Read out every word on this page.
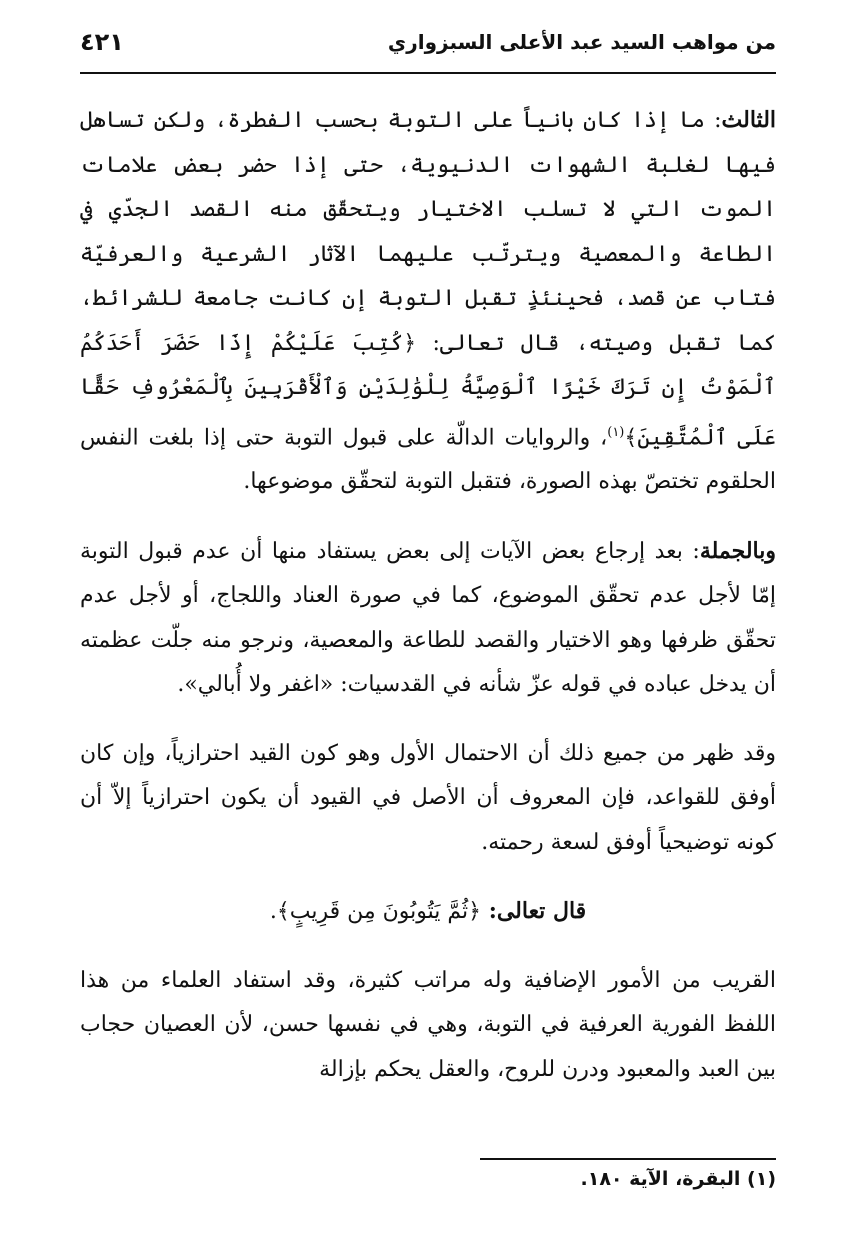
من مواهب السيد عبد الأعلى السبزواري
٤٢١

الثالث: ما إذا كان بانياً على التوبة بحسب الفطرة، ولكن تساهل فيها لغلبة الشهوات الدنيوية، حتى إذا حضر بعض علامات الموت التي لا تسلب الاختيار ويتحقّق منه القصد الجدّي في الطاعة والمعصية ويترتّب عليهما الآثار الشرعية والعرفيّة فتاب عن قصد، فحينئذٍ تقبل التوبة إن كانت جامعة للشرائط، كما تقبل وصيته، قال تعالى: ﴿كُتِبَ عَلَيْكُمْ إِذَا حَضَرَ أَحَدَكُمُ ٱلْمَوْتُ إِن تَرَكَ خَيْرًا ٱلْوَصِيَّةُ لِلْوَٰلِدَيْنِ وَٱلْأَقْرَبِينَ بِٱلْمَعْرُوفِ حَقًّا عَلَى ٱلْمُتَّقِينَ﴾$^{(١)}$، والروايات الدالّة على قبول التوبة حتى إذا بلغت النفس الحلقوم تختصّ بهذه الصورة، فتقبل التوبة لتحقّق موضوعها.

وبالجملة: بعد إرجاع بعض الآيات إلى بعض يستفاد منها أن عدم قبول التوبة إمّا لأجل عدم تحقّق الموضوع، كما في صورة العناد واللجاج، أو لأجل عدم تحقّق ظرفها وهو الاختيار والقصد للطاعة والمعصية، ونرجو منه جلّت عظمته أن يدخل عباده في قوله عزّ شأنه في القدسيات: «اغفر ولا أُبالي».

وقد ظهر من جميع ذلك أن الاحتمال الأول وهو كون القيد احترازياً، وإن كان أوفق للقواعد، فإن المعروف أن الأصل في القيود أن يكون احترازياً إلاّ أن كونه توضيحياً أوفق لسعة رحمته.

قال تعالى: ﴿ثُمَّ يَتُوبُونَ مِن قَرِيبٍ﴾.

القريب من الأمور الإضافية وله مراتب كثيرة، وقد استفاد العلماء من هذا اللفظ الفورية العرفية في التوبة، وهي في نفسها حسن، لأن العصيان حجاب بين العبد والمعبود ودرن للروح، والعقل يحكم بإزالة

(١) البقرة، الآية ١٨٠.
